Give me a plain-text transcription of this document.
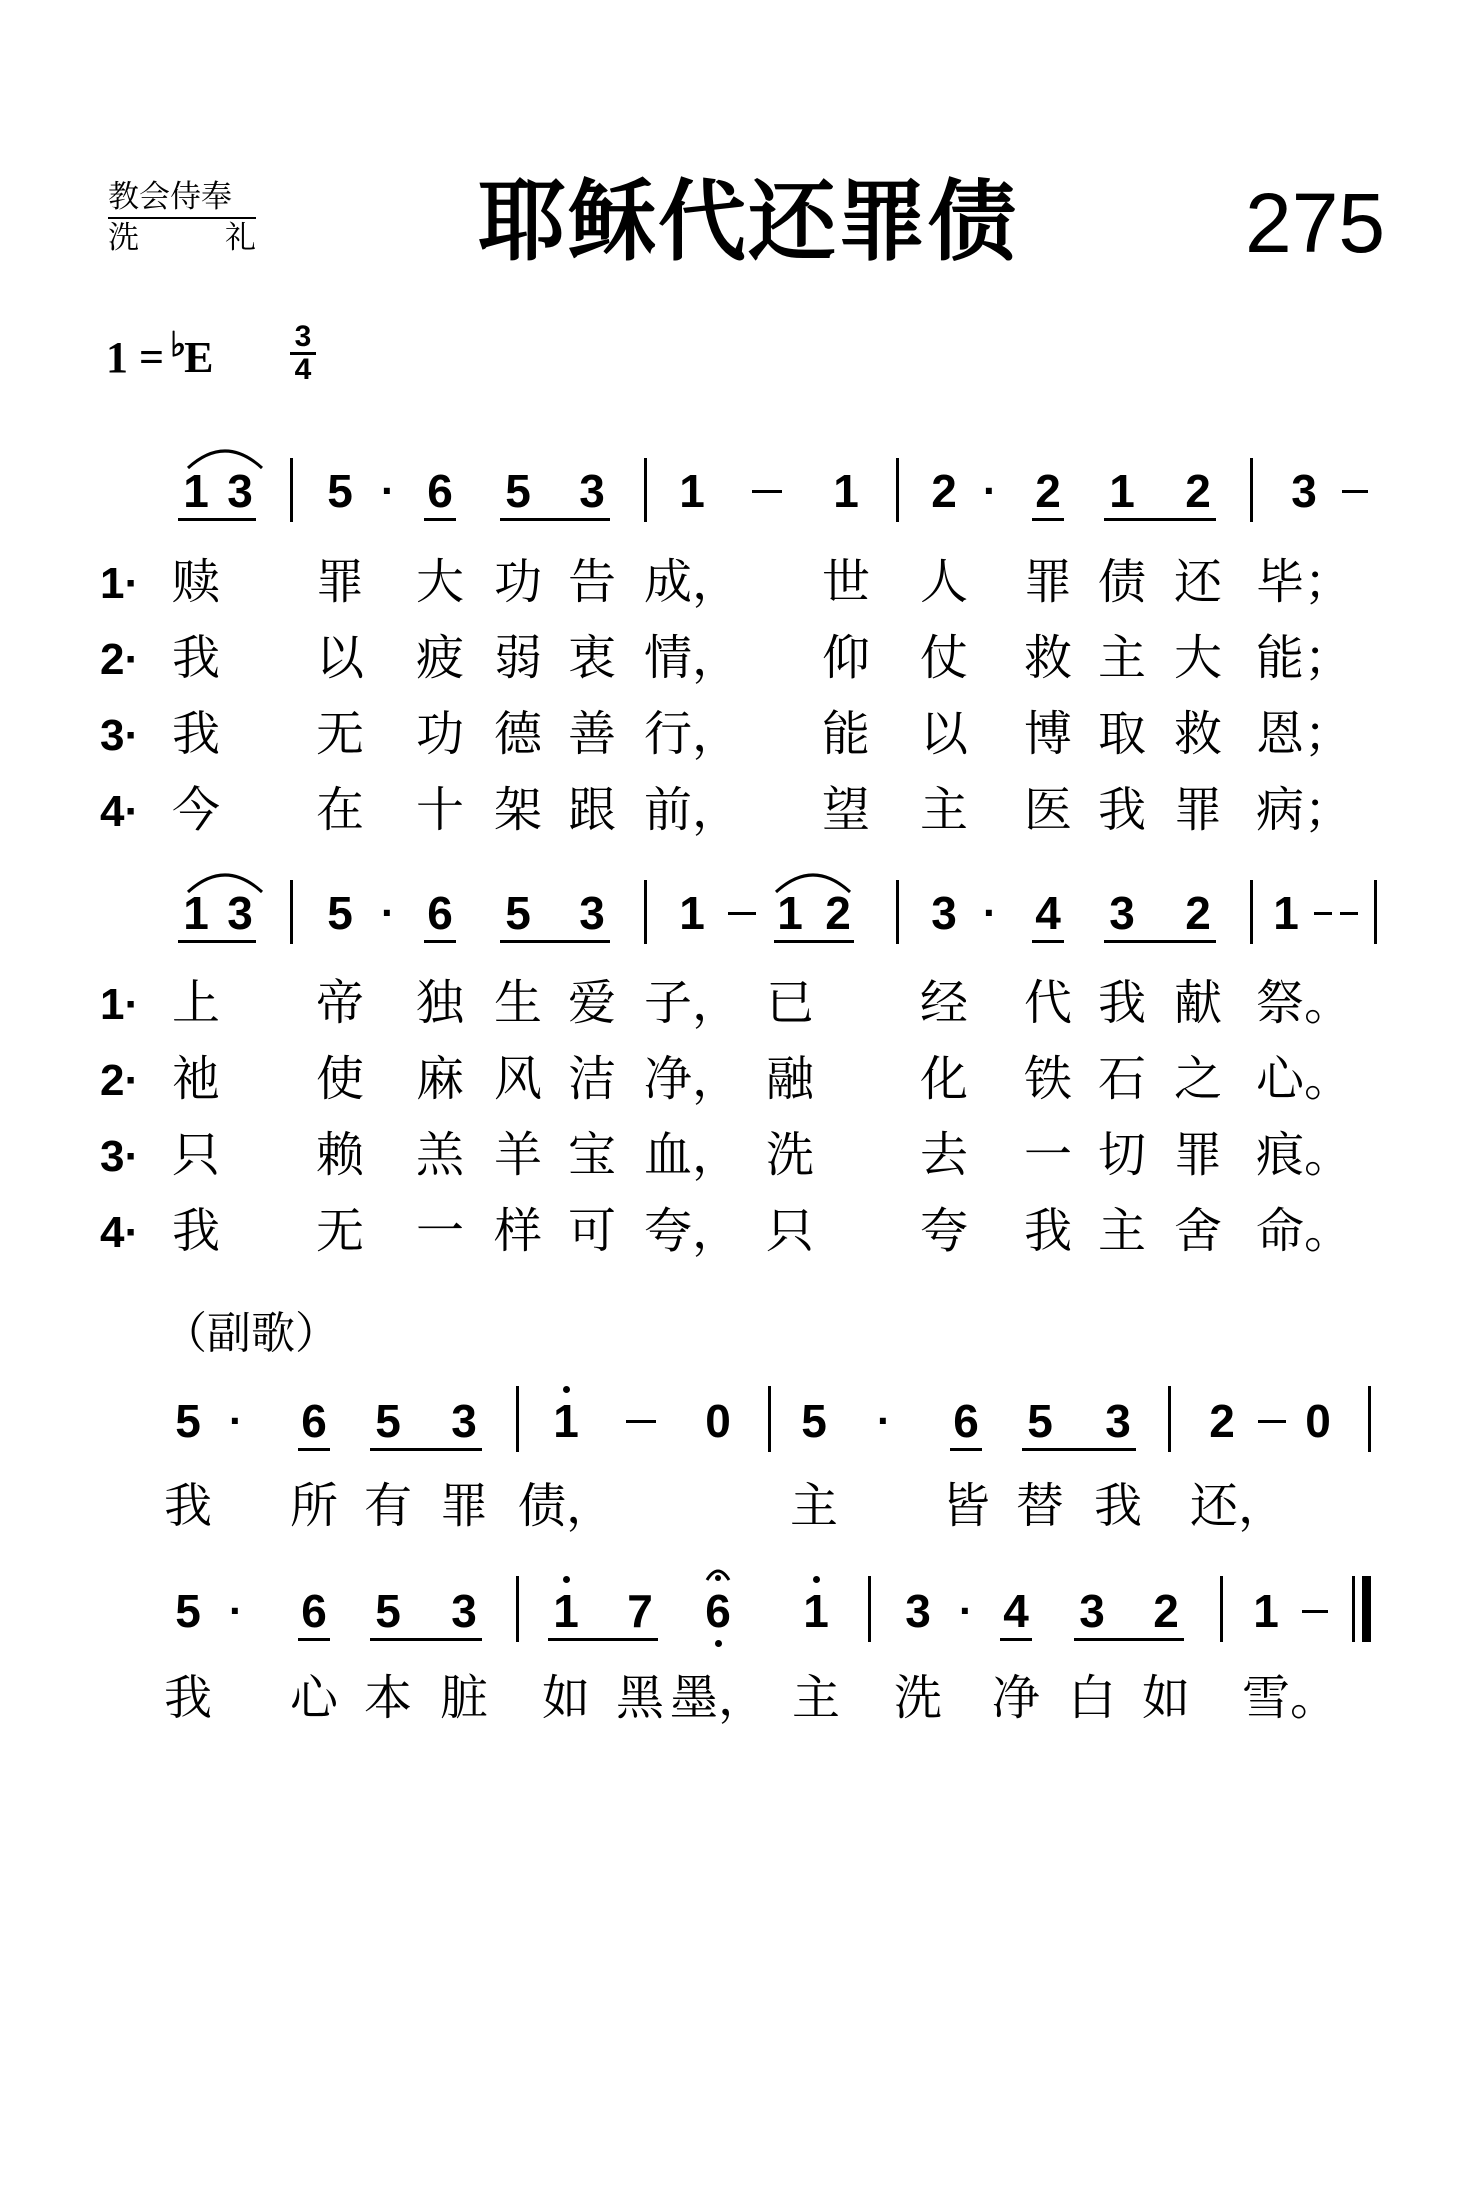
教会侍奉
洗	礼	耶稣代还罪债	275
1 = ♭E	3
4
1 3 5 · 6 5 3 1	1 2 · 2 1 2 3
1·
2·
3·
4·
赎 罪 大 功 告 成， 世 人 罪 债 还 毕；
我 以 疲 弱 衷 情， 仰 仗 救 主 大 能；
我 无 功 德 善 行， 能 以 博 取 救 恩；
今 在 十 架 跟 前， 望 主 医 我 罪 病；
1 3 5 · 6 5 3 1 1 2 3 · 4 3 2 1
1·
2·
3·
4·
上 帝 独 生 爱 子， 已 经 代 我 献 祭。
祂 使 麻 风 洁 净， 融 化 铁 石 之 心。
只 赖 羔 羊 宝 血， 洗 去 一 切 罪 痕。
我 无 一 样 可 夸， 只 夸 我 主 舍 命。
（副歌）
5 · 6 5 3 1	0 5 · 6 5 3 2 0
我 所 有 罪 债，	主 皆 替 我 还，
5 · 6 5 3 1 7 6 1 3 · 4 3 2 1
我 心 本 脏 如 黑 墨， 主 洗 净 白 如 雪。
